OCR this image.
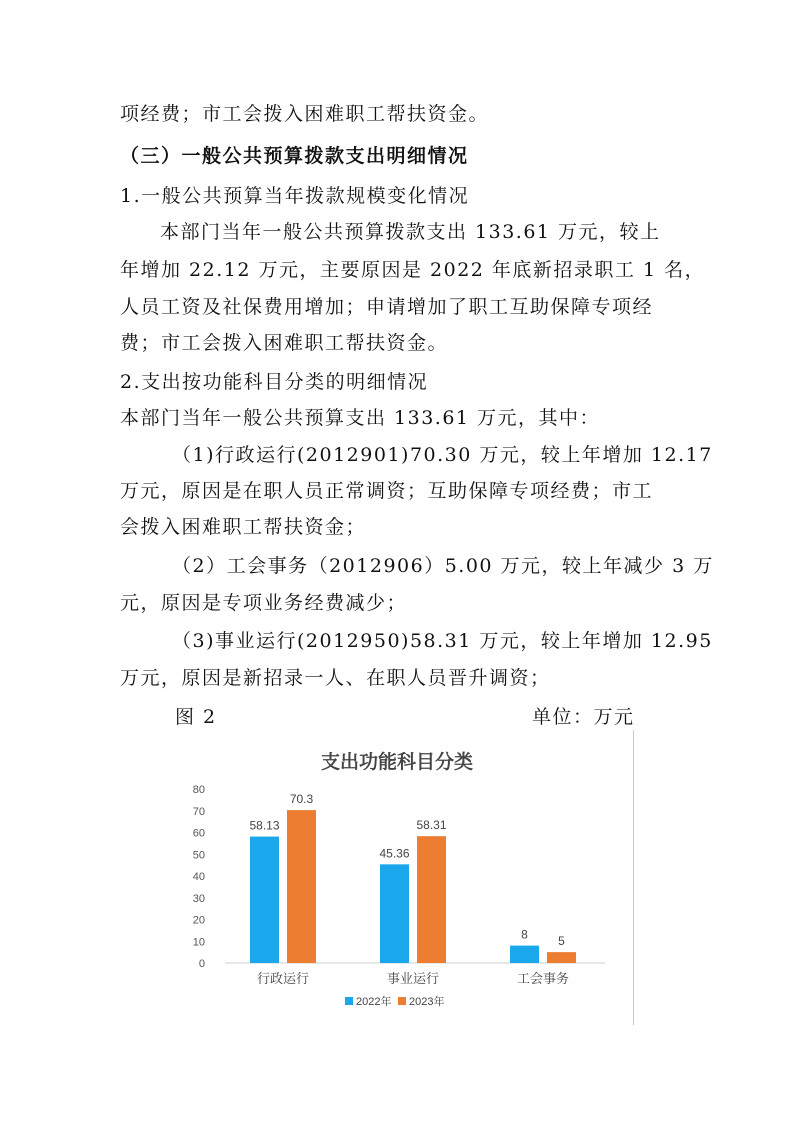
项经费；市工会拨入困难职工帮扶资金。
（三）一般公共预算拨款支出明细情况
1.一般公共预算当年拨款规模变化情况
本部门当年一般公共预算拨款支出 133.61 万元，较上
年增加 22.12 万元，主要原因是 2022 年底新招录职工 1 名，
人员工资及社保费用增加；申请增加了职工互助保障专项经
费；市工会拨入困难职工帮扶资金。
2.支出按功能科目分类的明细情况
本部门当年一般公共预算支出 133.61 万元，其中：
（1)行政运行(2012901)70.30 万元，较上年增加 12.17
万元，原因是在职人员正常调资；互助保障专项经费；市工
会拨入困难职工帮扶资金；
（2）工会事务（2012906）5.00 万元，较上年减少 3 万
元，原因是专项业务经费减少；
（3)事业运行(2012950)58.31 万元，较上年增加 12.95
万元，原因是新招录一人、在职人员晋升调资；
图 2	单位：万元
支出功能科目分类
0
10
20
30
40
50
60
70
80
58.13
70.3
行政运行
45.36
58.31
事业运行
8	5
工会事务
2022年 2023年
